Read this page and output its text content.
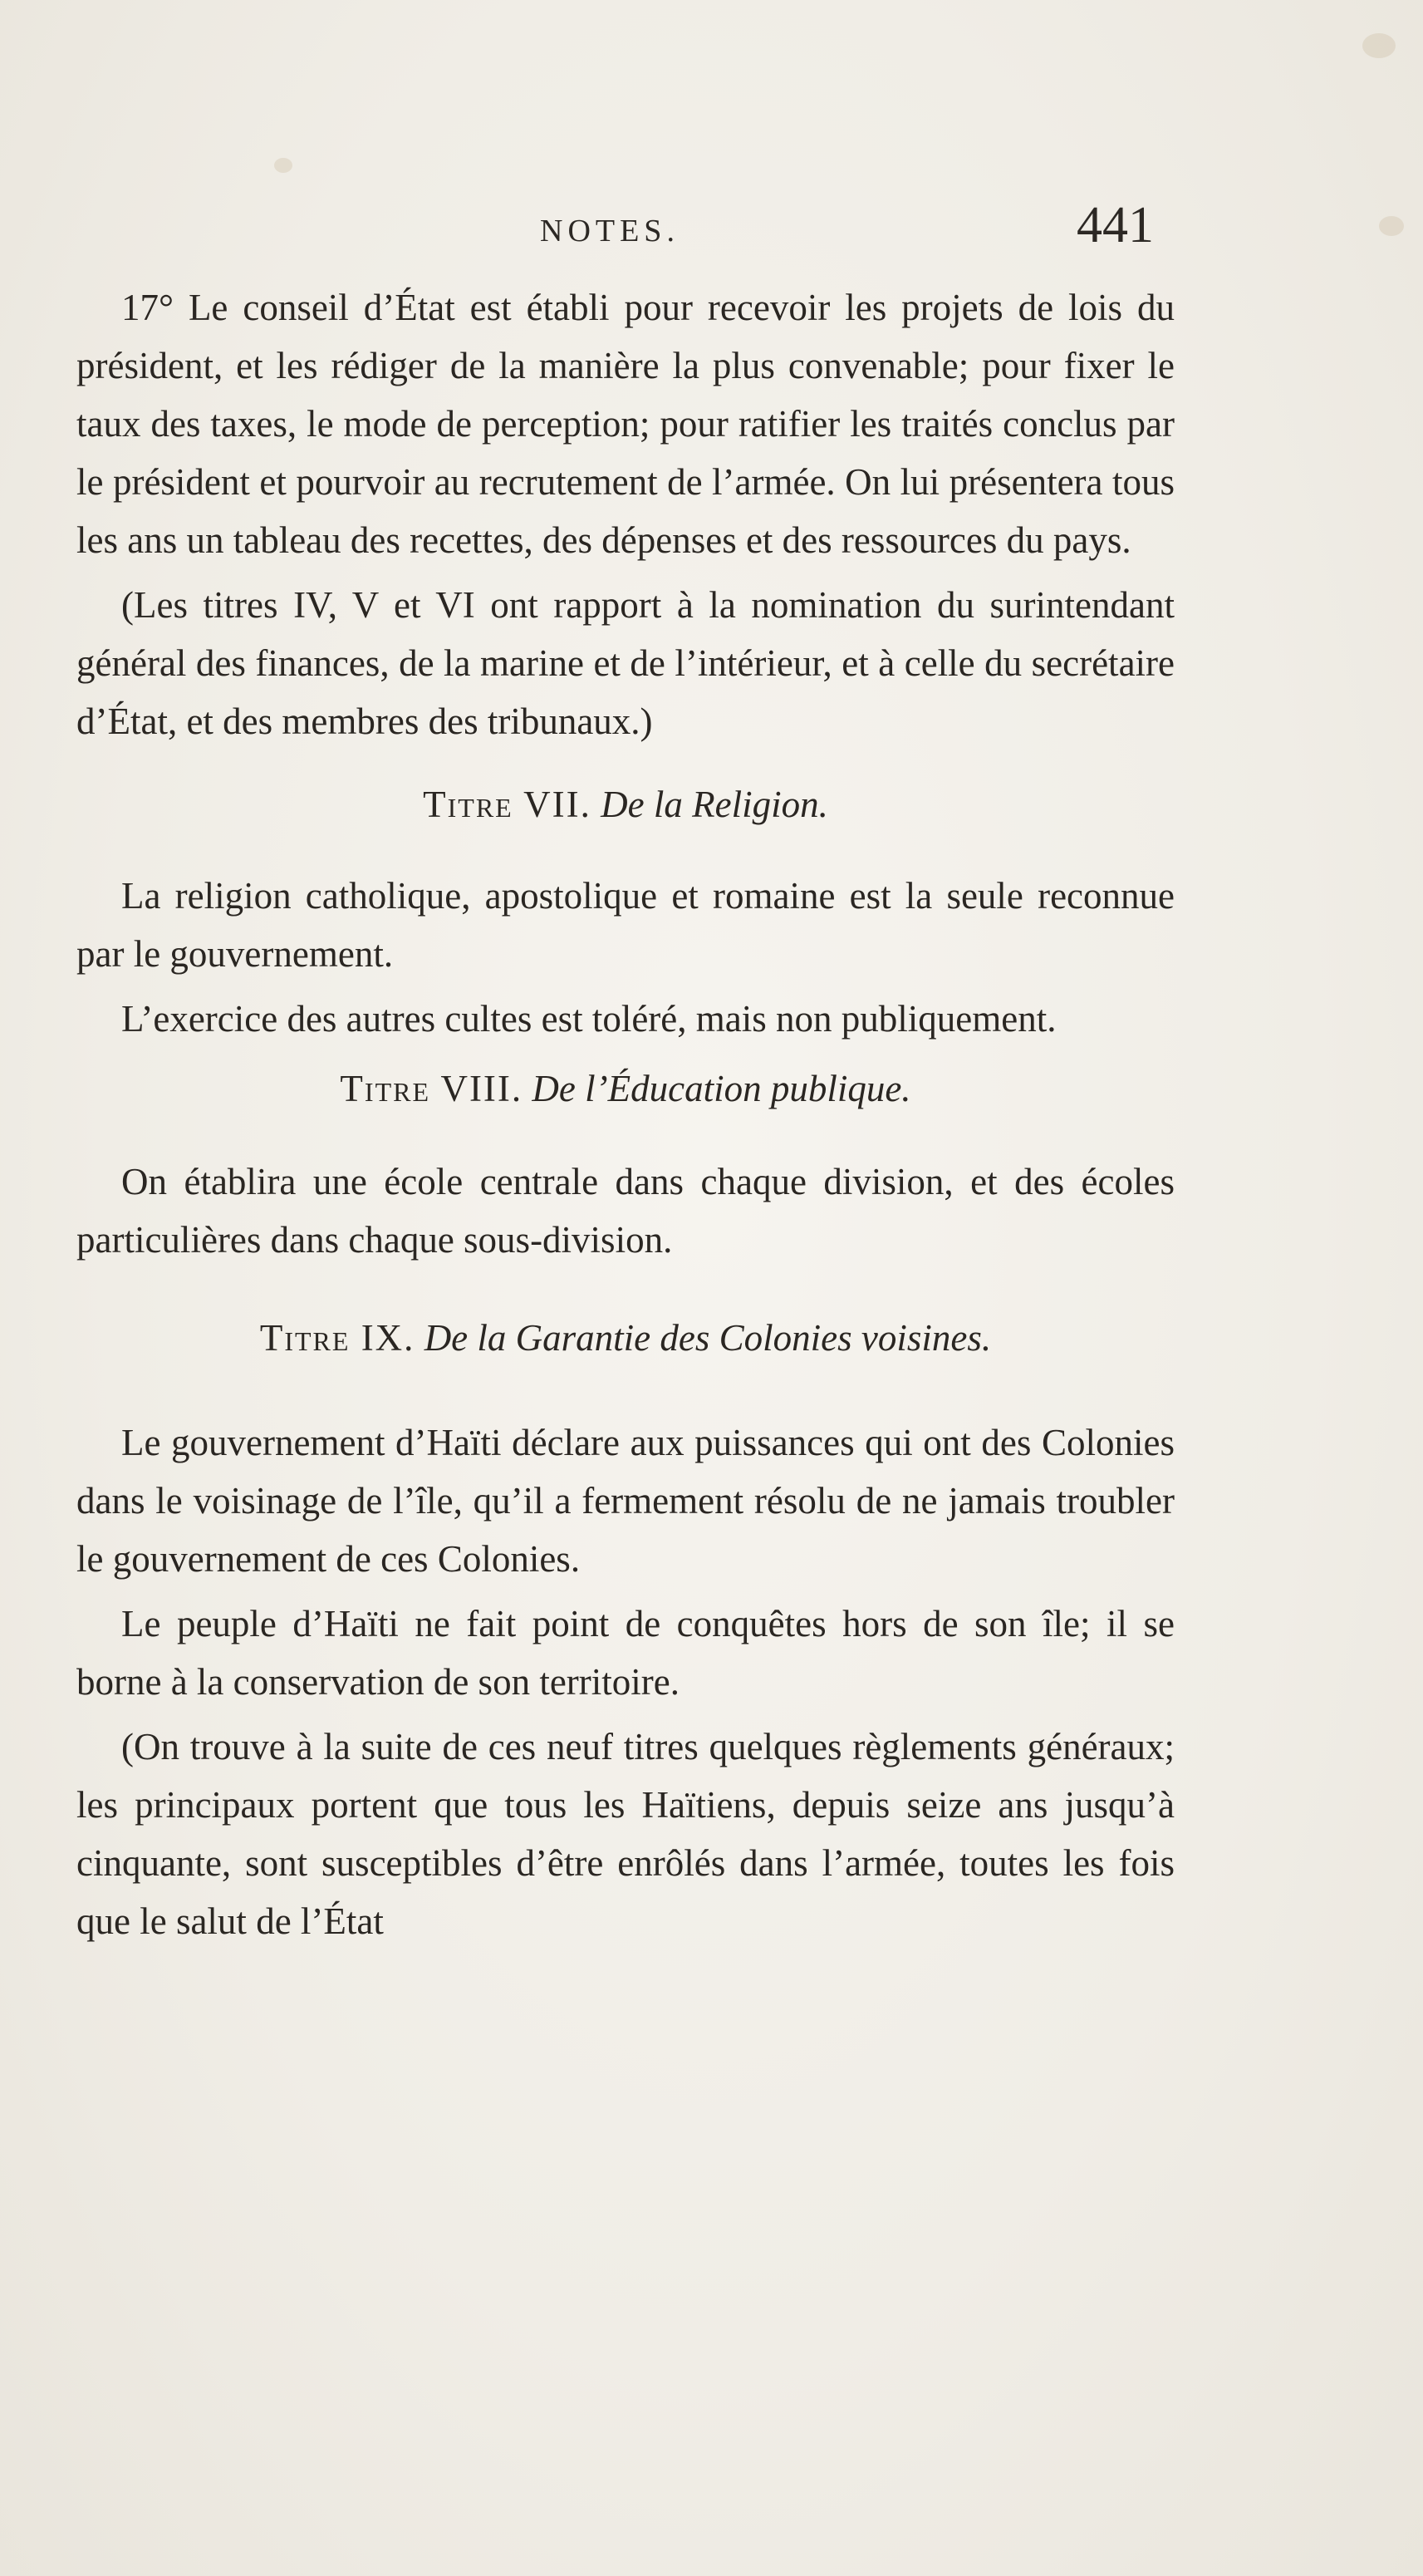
NOTES.	441

17° Le conseil d’État est établi pour recevoir les projets de lois du président, et les rédiger de la manière la plus convenable; pour fixer le taux des taxes, le mode de perception; pour ratifier les traités conclus par le président et pourvoir au recrutement de l’armée. On lui présentera tous les ans un tableau des recettes, des dépenses et des ressources du pays.

(Les titres IV, V et VI ont rapport à la nomination du surintendant général des finances, de la marine et de l’intérieur, et à celle du secrétaire d’État, et des membres des tribunaux.)

Titre VII. De la Religion.

La religion catholique, apostolique et romaine est la seule reconnue par le gouvernement.

L’exercice des autres cultes est toléré, mais non publiquement.

Titre VIII. De l’Éducation publique.

On établira une école centrale dans chaque division, et des écoles particulières dans chaque sous-division.

Titre IX. De la Garantie des Colonies voisines.

Le gouvernement d’Haïti déclare aux puissances qui ont des Colonies dans le voisinage de l’île, qu’il a fermement résolu de ne jamais troubler le gouvernement de ces Colonies.

Le peuple d’Haïti ne fait point de conquêtes hors de son île; il se borne à la conservation de son territoire.

(On trouve à la suite de ces neuf titres quelques règlements généraux; les principaux portent que tous les Haïtiens, depuis seize ans jusqu’à cinquante, sont susceptibles d’être enrôlés dans l’armée, toutes les fois que le salut de l’État
